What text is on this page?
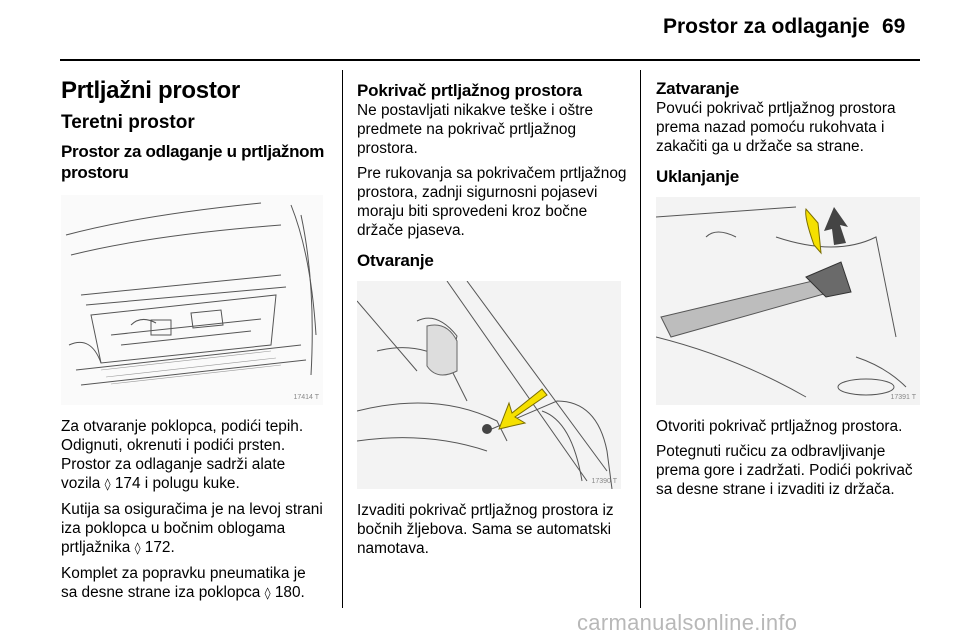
Prostor za odlaganje 69
Prtljažni prostor
Teretni prostor
Prostor za odlaganje u prtljažnom prostoru
17414 T

Za otvaranje poklopca, podići tepih. Odignuti, okrenuti i podići prsten. Prostor za odlaganje sadrži alate vozila ◊ 174 i polugu kuke.

Kutija sa osiguračima je na levoj strani iza poklopca u bočnim oblogama prtljažnika ◊ 172.

Komplet za popravku pneumatika je sa desne strane iza poklopca ◊ 180.

Pokrivač prtljažnog prostora

Ne postavljati nikakve teške i oštre predmete na pokrivač prtljažnog prostora.

Pre rukovanja sa pokrivačem prtljažnog prostora, zadnji sigurnosni pojasevi moraju biti sprovedeni kroz bočne držače pjaseva.

Otvaranje
17390 T

Izvaditi pokrivač prtljažnog prostora iz bočnih žljebova. Sama se automatski namotava.

Zatvaranje

Povući pokrivač prtljažnog prostora prema nazad pomoću rukohvata i zakačiti ga u držače sa strane.

Uklanjanje
17391 T

Otvoriti pokrivač prtljažnog prostora.

Potegnuti ručicu za odbravljivanje prema gore i zadržati. Podići pokrivač sa desne strane i izvaditi iz držača.

carmanualsonline.info
